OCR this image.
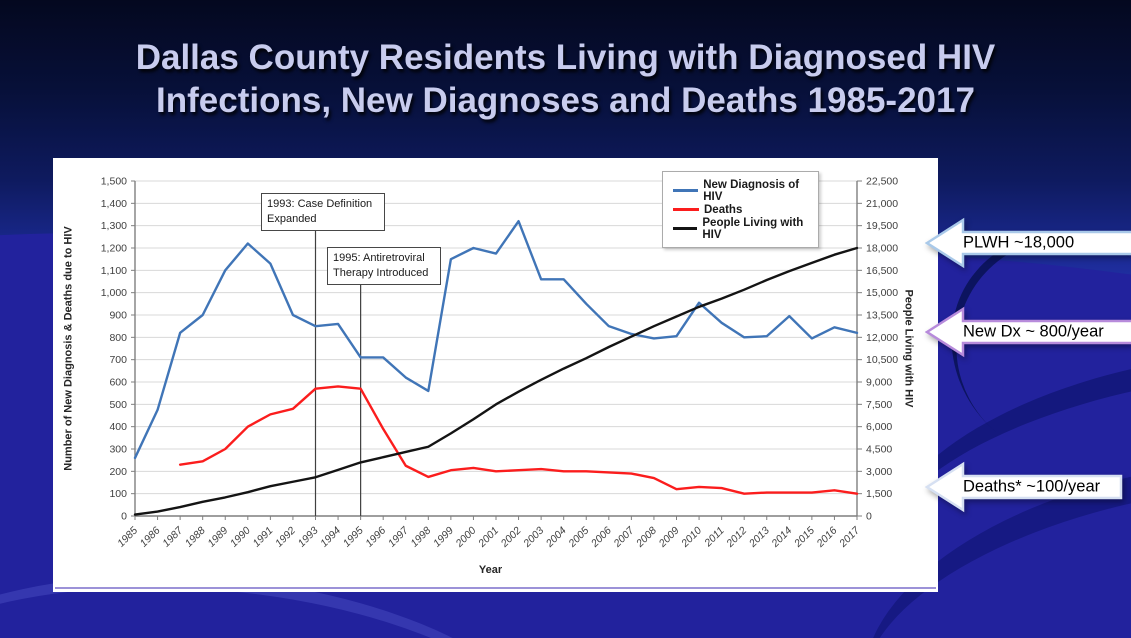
Dallas County Residents Living with Diagnosed HIV
Infections, New Diagnoses and Deaths 1985-2017
0
100
200
300
400
500
600
700
800
900
1,000
1,100
1,200
1,300
1,400
1,500
0
1,500
3,000
4,500
6,000
7,500
9,000
10,500
12,000
13,500
15,000
16,500
18,000
19,500
21,000
22,500
1985
1986
1987
1988
1989
1990
1991
1992
1993
1994
1995
1996
1997
1998
1999
2000
2001
2002
2003
2004
2005
2006
2007
2008
2009
2010
2011
2012
2013
2014
2015
2016
2017
Number of New Diagnosis & Deaths due to HIV	People Living with HIV
Year
New Diagnosis of HIV
Deaths
People Living with HIV
1993: Case Definition Expanded
1995: Antiretroviral Therapy Introduced
PLWH ~18,000
New Dx ~ 800/year
Deaths* ~100/year
